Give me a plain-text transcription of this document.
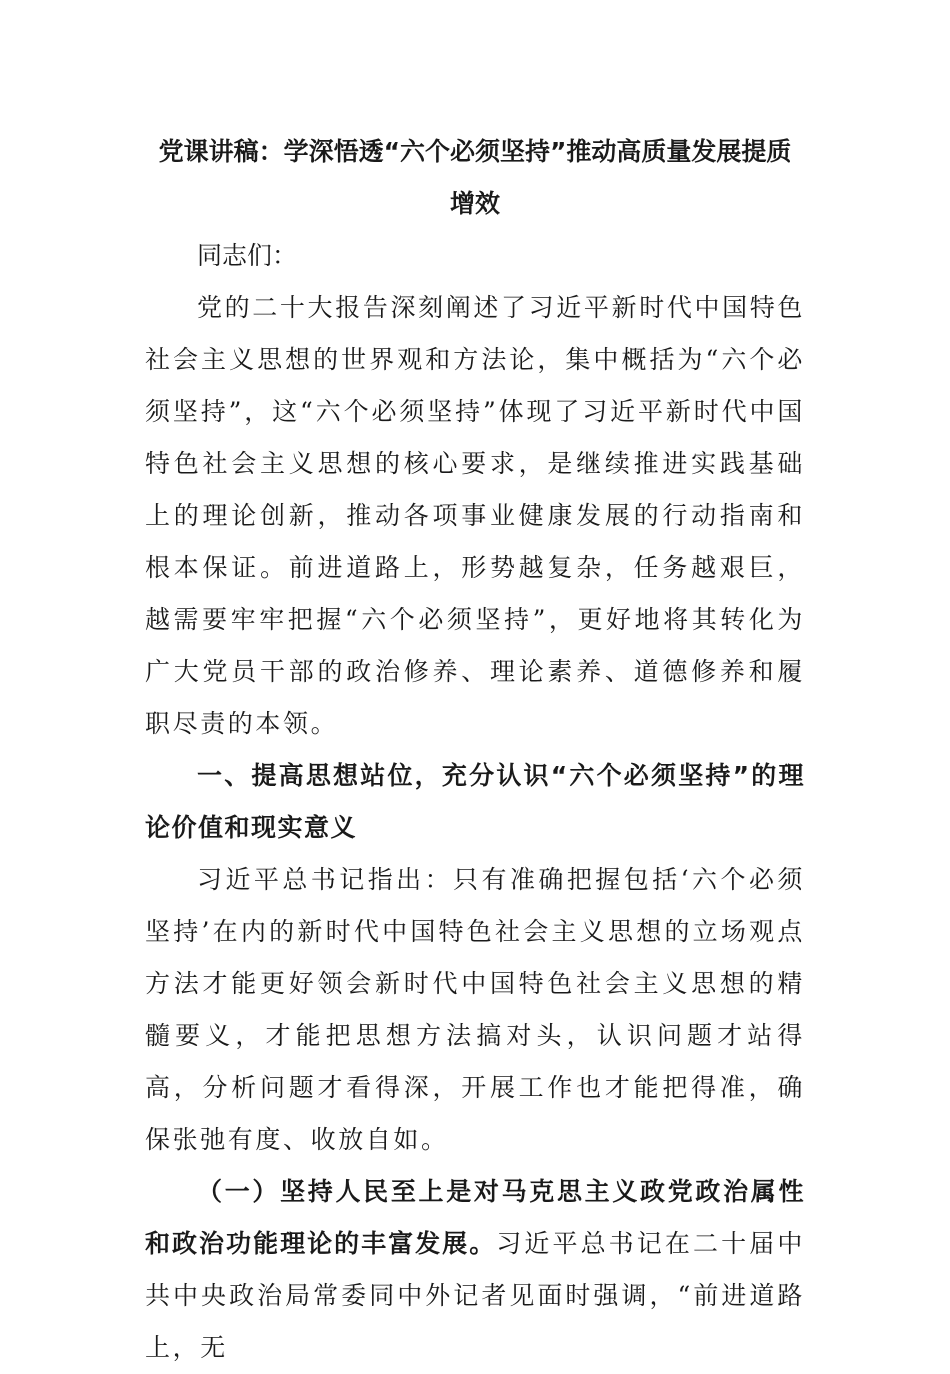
党课讲稿：学深悟透“六个必须坚持”推动高质量发展提质增效

同志们：

党的二十大报告深刻阐述了习近平新时代中国特色社会主义思想的世界观和方法论，集中概括为“六个必须坚持”，这“六个必须坚持”体现了习近平新时代中国特色社会主义思想的核心要求，是继续推进实践基础上的理论创新，推动各项事业健康发展的行动指南和根本保证。前进道路上，形势越复杂，任务越艰巨，越需要牢牢把握“六个必须坚持”，更好地将其转化为广大党员干部的政治修养、理论素养、道德修养和履职尽责的本领。

一、提高思想站位，充分认识“六个必须坚持”的理论价值和现实意义

习近平总书记指出：只有准确把握包括‘六个必须坚持’在内的新时代中国特色社会主义思想的立场观点方法才能更好领会新时代中国特色社会主义思想的精髓要义，才能把思想方法搞对头，认识问题才站得高，分析问题才看得深，开展工作也才能把得准，确保张弛有度、收放自如。

（一）坚持人民至上是对马克思主义政党政治属性和政治功能理论的丰富发展。习近平总书记在二十届中共中央政治局常委同中外记者见面时强调，“前进道路上，无
